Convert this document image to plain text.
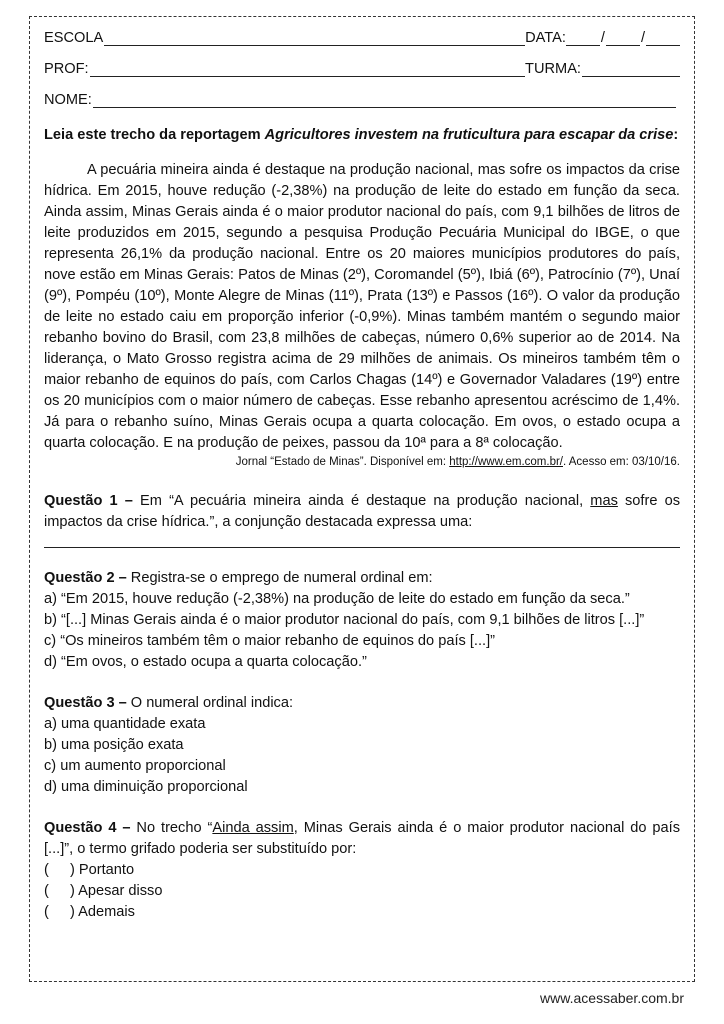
ESCOLA	DATA: / /
PROF:	TURMA:
NOME:
Leia este trecho da reportagem Agricultores investem na fruticultura para escapar da crise:
A pecuária mineira ainda é destaque na produção nacional, mas sofre os impactos da crise hídrica. Em 2015, houve redução (-2,38%) na produção de leite do estado em função da seca. Ainda assim, Minas Gerais ainda é o maior produtor nacional do país, com 9,1 bilhões de litros de leite produzidos em 2015, segundo a pesquisa Produção Pecuária Municipal do IBGE, o que representa 26,1% da produção nacional. Entre os 20 maiores municípios produtores do país, nove estão em Minas Gerais: Patos de Minas (2º), Coromandel (5º), Ibiá (6º), Patrocínio (7º), Unaí (9º), Pompéu (10º), Monte Alegre de Minas (11º), Prata (13º) e Passos (16º). O valor da produção de leite no estado caiu em proporção inferior (-0,9%). Minas também mantém o segundo maior rebanho bovino do Brasil, com 23,8 milhões de cabeças, número 0,6% superior ao de 2014. Na liderança, o Mato Grosso registra acima de 29 milhões de animais. Os mineiros também têm o maior rebanho de equinos do país, com Carlos Chagas (14º) e Governador Valadares (19º) entre os 20 municípios com o maior número de cabeças. Esse rebanho apresentou acréscimo de 1,4%. Já para o rebanho suíno, Minas Gerais ocupa a quarta colocação. Em ovos, o estado ocupa a quarta colocação. E na produção de peixes, passou da 10ª para a 8ª colocação.
Jornal “Estado de Minas”. Disponível em: http://www.em.com.br/. Acesso em: 03/10/16.
Questão 1 – Em “A pecuária mineira ainda é destaque na produção nacional, mas sofre os impactos da crise hídrica.”, a conjunção destacada expressa uma:
Questão 2 – Registra-se o emprego de numeral ordinal em:
a) “Em 2015, houve redução (-2,38%) na produção de leite do estado em função da seca.”
b) “[...] Minas Gerais ainda é o maior produtor nacional do país, com 9,1 bilhões de litros [...]”
c) “Os mineiros também têm o maior rebanho de equinos do país [...]”
d) “Em ovos, o estado ocupa a quarta colocação.”
Questão 3 – O numeral ordinal indica:
a) uma quantidade exata
b) uma posição exata
c) um aumento proporcional
d) uma diminuição proporcional
Questão 4 – No trecho “Ainda assim, Minas Gerais ainda é o maior produtor nacional do país [...]”, o termo grifado poderia ser substituído por:
( ) Portanto
( ) Apesar disso
( ) Ademais
www.acessaber.com.br
